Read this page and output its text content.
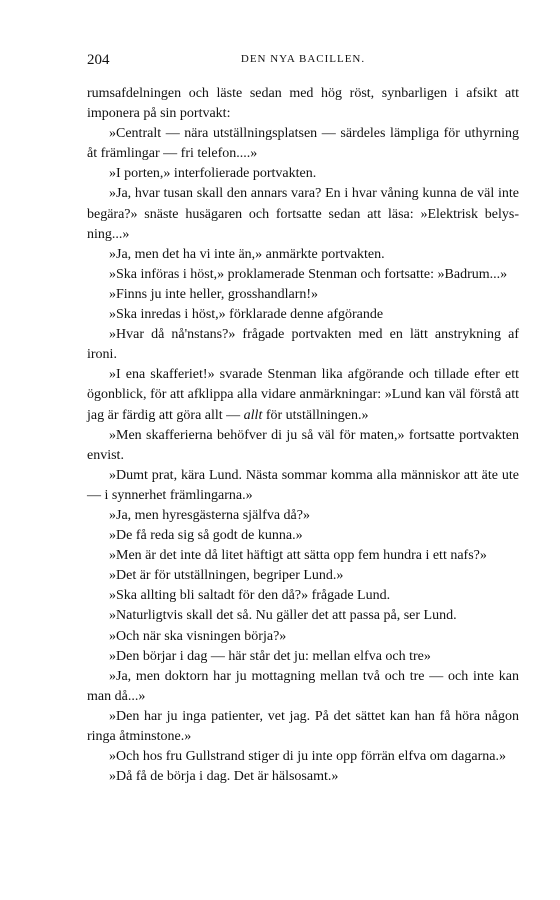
204	DEN NYA BACILLEN.

rumsafdelningen och läste sedan med hög röst, synbarligen i afsikt att imponera på sin portvakt:

»Centralt — nära utställningsplatsen — särdeles lämpliga för uthyrning åt främlingar — fri telefon....»

»I porten,» interfolierade portvakten.

»Ja, hvar tusan skall den annars vara? En i hvar våning kunna de väl inte begära?» snäste husägaren och fortsatte sedan att läsa: »Elektrisk belysning...»

»Ja, men det ha vi inte än,» anmärkte portvakten.

»Ska införas i höst,» proklamerade Stenman och fortsatte: »Badrum...»

»Finns ju inte heller, grosshandlarn!»

»Ska inredas i höst,» förklarade denne afgörande

»Hvar då nå'nstans?» frågade portvakten med en lätt anstrykning af ironi.

»I ena skafferiet!» svarade Stenman lika afgörande och tillade efter ett ögonblick, för att afklippa alla vidare anmärkningar: »Lund kan väl förstå att jag är färdig att göra allt — allt för utställningen.»

»Men skafferierna behöfver di ju så väl för maten,» fortsatte portvakten envist.

»Dumt prat, kära Lund. Nästa sommar komma alla människor att äte ute — i synnerhet främlingarna.»

»Ja, men hyresgästerna själfva då?»

»De få reda sig så godt de kunna.»

»Men är det inte då litet häftigt att sätta opp fem hundra i ett nafs?»

»Det är för utställningen, begriper Lund.»

»Ska allting bli saltadt för den då?» frågade Lund.

»Naturligtvis skall det så. Nu gäller det att passa på, ser Lund.

»Och när ska visningen börja?»

»Den börjar i dag — här står det ju: mellan elfva och tre»

»Ja, men doktorn har ju mottagning mellan två och tre — och inte kan man då...»

»Den har ju inga patienter, vet jag. På det sättet kan han få höra någon ringa åtminstone.»

»Och hos fru Gullstrand stiger di ju inte opp förrän elfva om dagarna.»

»Då få de börja i dag. Det är hälsosamt.»
